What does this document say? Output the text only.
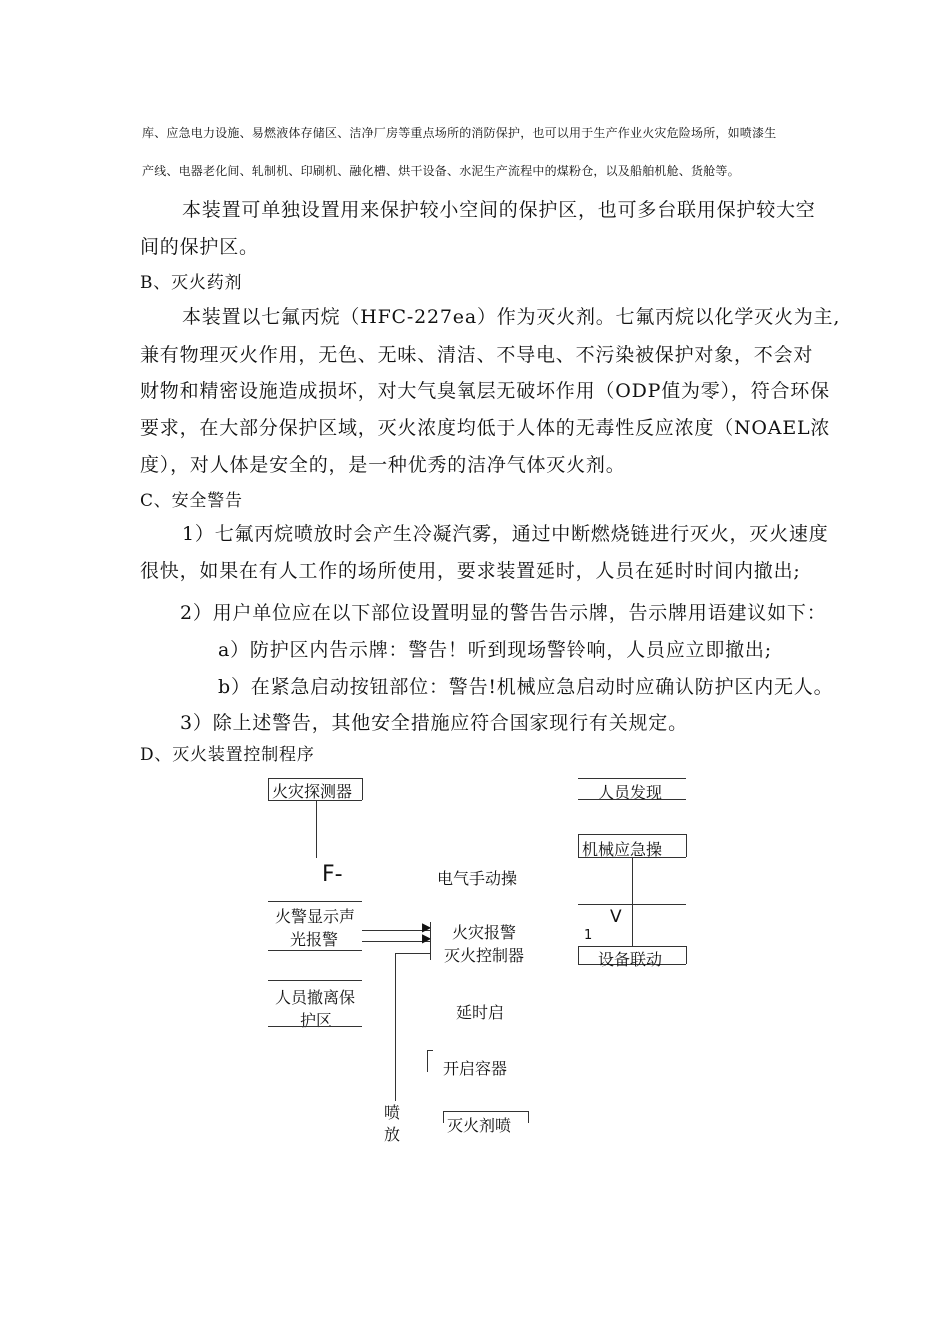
库、应急电力设施、易燃液体存储区、洁净厂房等重点场所的消防保护，也可以用于生产作业火灾危险场所，如喷漆生
产线、电器老化间、轧制机、印刷机、融化槽、烘干设备、水泥生产流程中的煤粉仓，以及船舶机舱、货舱等。
本装置可单独设置用来保护较小空间的保护区，也可多台联用保护较大空
间的保护区。
B、灭火药剂
本装置以七氟丙烷（HFC-227ea）作为灭火剂。七氟丙烷以化学灭火为主,
兼有物理灭火作用，无色、无味、清洁、不导电、不污染被保护对象，不会对
财物和精密设施造成损坏，对大气臭氧层无破坏作用（ODP值为零），符合环保
要求，在大部分保护区域，灭火浓度均低于人体的无毒性反应浓度（NOAEL浓
度），对人体是安全的，是一种优秀的洁净气体灭火剂。
C、安全警告
1）七氟丙烷喷放时会产生冷凝汽雾，通过中断燃烧链进行灭火，灭火速度
很快，如果在有人工作的场所使用，要求装置延时，人员在延时时间内撤出;
2）用户单位应在以下部位设置明显的警告告示牌，告示牌用语建议如下：
a）防护区内告示牌：警告！听到现场警铃响，人员应立即撤出;
b）在紧急启动按钮部位：警告!机械应急启动时应确认防护区内无人。
3）除上述警告，其他安全措施应符合国家现行有关规定。
D、灭火装置控制程序
火灾探测器
F-
火警显示声
光报警
人员撤离保
护区
电气手动操
▶
▶ 火灾报警
灭火控制器
延时启
开启容器
喷
放	灭火剂喷
人员发现
机械应急操
V
1
设备联动
